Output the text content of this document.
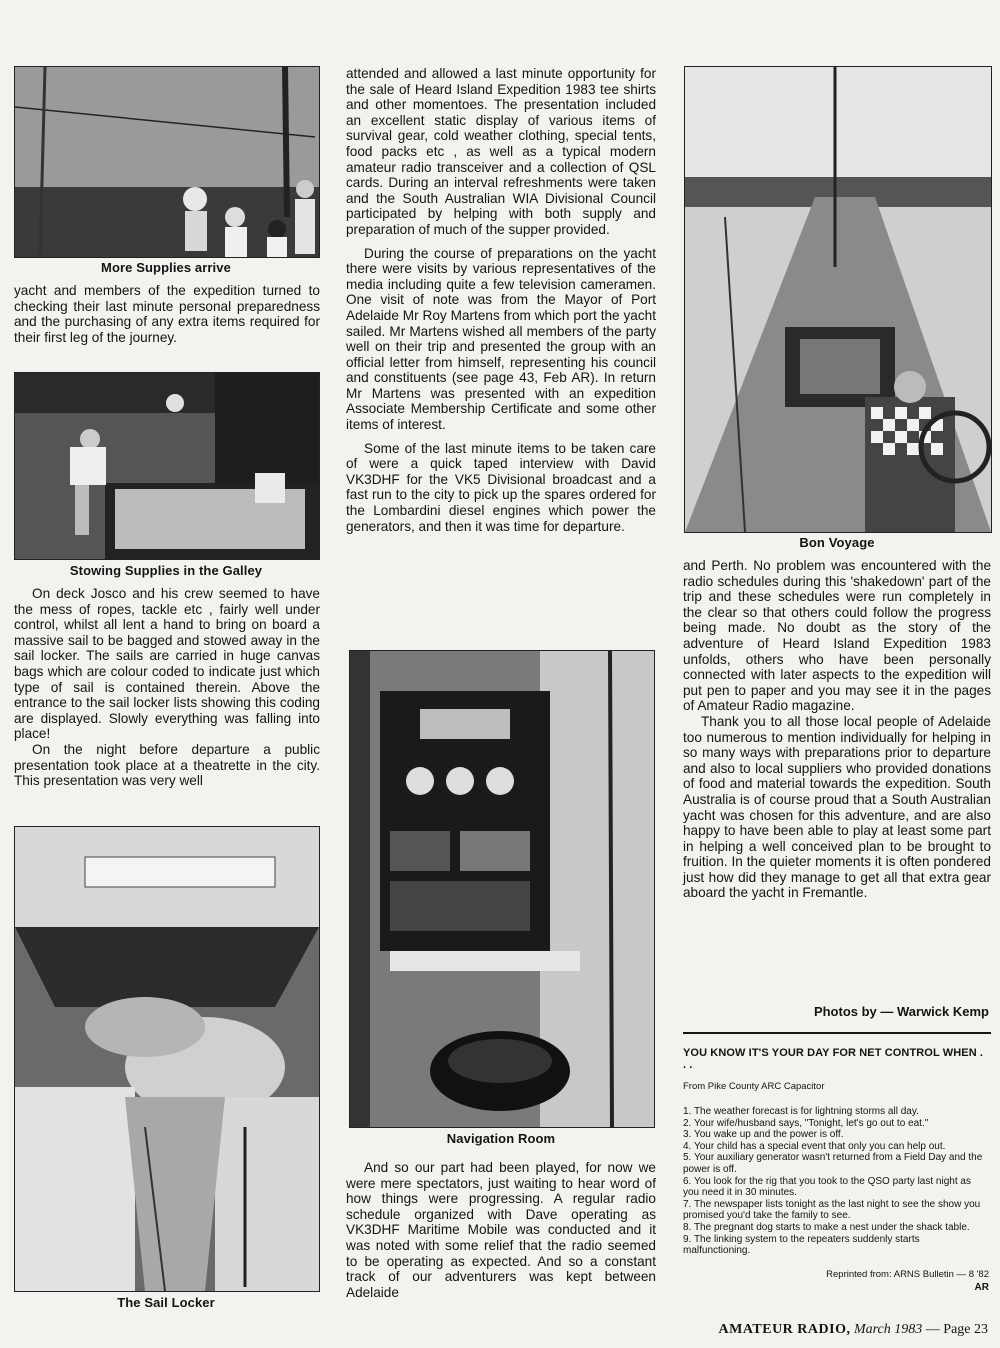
More Supplies arrive

yacht and members of the expedition turned to checking their last minute personal preparedness and the purchasing of any extra items required for their first leg of the journey.

Stowing Supplies in the Galley

On deck Josco and his crew seemed to have the mess of ropes, tackle etc , fairly well under control, whilst all lent a hand to bring on board a massive sail to be bagged and stowed away in the sail locker. The sails are carried in huge canvas bags which are colour coded to indicate just which type of sail is contained therein. Above the entrance to the sail locker lists showing this coding are displayed. Slowly everything was falling into place!

On the night before departure a public presentation took place at a theatrette in the city. This presentation was very well

The Sail Locker

attended and allowed a last minute opportunity for the sale of Heard Island Expedition 1983 tee shirts and other momentoes. The presentation included an excellent static display of various items of survival gear, cold weather clothing, special tents, food packs etc , as well as a typical modern amateur radio transceiver and a collection of QSL cards. During an interval refreshments were taken and the South Australian WIA Divisional Council participated by helping with both supply and preparation of much of the supper provided.

During the course of preparations on the yacht there were visits by various representatives of the media including quite a few television cameramen. One visit of note was from the Mayor of Port Adelaide Mr Roy Martens from which port the yacht sailed. Mr Martens wished all members of the party well on their trip and presented the group with an official letter from himself, representing his council and constituents (see page 43, Feb AR). In return Mr Martens was presented with an expedition Associate Membership Certificate and some other items of interest.

Some of the last minute items to be taken care of were a quick taped interview with David VK3DHF for the VK5 Divisional broadcast and a fast run to the city to pick up the spares ordered for the Lombardini diesel engines which power the generators, and then it was time for departure.

Navigation Room

And so our part had been played, for now we were mere spectators, just waiting to hear word of how things were progressing. A regular radio schedule organized with Dave operating as VK3DHF Maritime Mobile was conducted and it was noted with some relief that the radio seemed to be operating as expected. And so a constant track of our adventurers was kept between Adelaide

Bon Voyage

and Perth. No problem was encountered with the radio schedules during this 'shakedown' part of the trip and these schedules were run completely in the clear so that others could follow the progress being made. No doubt as the story of the adventure of Heard Island Expedition 1983 unfolds, others who have been personally connected with later aspects to the expedition will put pen to paper and you may see it in the pages of Amateur Radio magazine.

Thank you to all those local people of Adelaide too numerous to mention individually for helping in so many ways with preparations prior to departure and also to local suppliers who provided donations of food and material towards the expedition. South Australia is of course proud that a South Australian yacht was chosen for this adventure, and are also happy to have been able to play at least some part in helping a well conceived plan to be brought to fruition. In the quieter moments it is often pondered just how did they manage to get all that extra gear aboard the yacht in Fremantle.

Photos by — Warwick Kemp
YOU KNOW IT'S YOUR DAY FOR NET CONTROL WHEN . . .
From Pike County ARC Capacitor
1. The weather forecast is for lightning storms all day.
2. Your wife/husband says, "Tonight, let's go out to eat."
3. You wake up and the power is off.
4. Your child has a special event that only you can help out.
5. Your auxiliary generator wasn't returned from a Field Day and the power is off.
6. You look for the rig that you took to the QSO party last night as you need it in 30 minutes.
7. The newspaper lists tonight as the last night to see the show you promised you'd take the family to see.
8. The pregnant dog starts to make a nest under the shack table.
9. The linking system to the repeaters suddenly starts malfunctioning.
Reprinted from: ARNS Bulletin — 8 '82
AR
AMATEUR RADIO, March 1983 — Page 23
